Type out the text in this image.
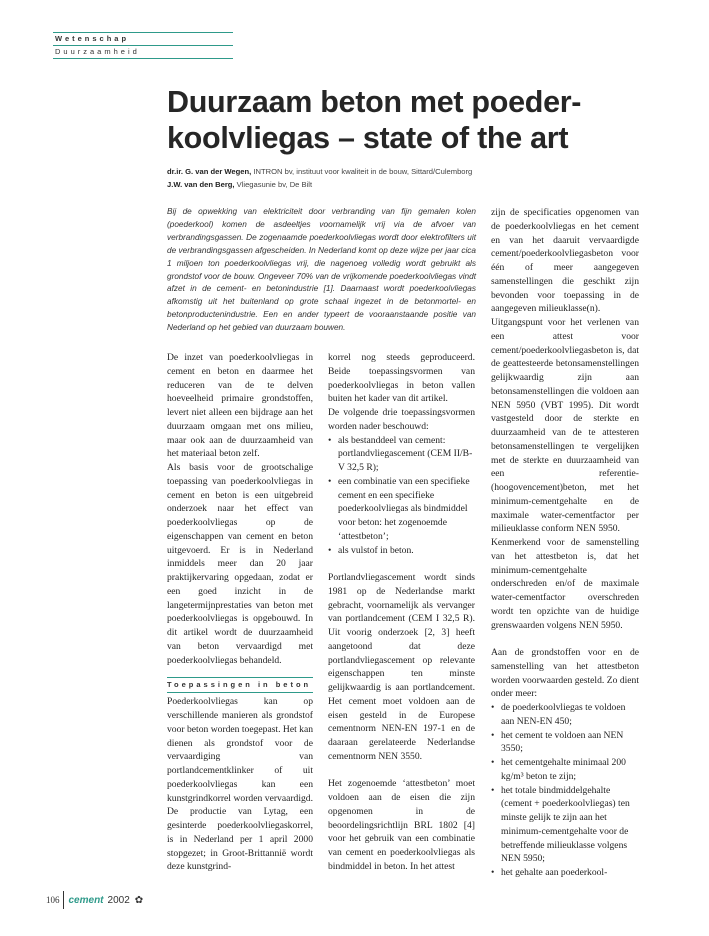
Wetenschap
Duurzaamheid
Duurzaam beton met poeder-
koolvliegas – state of the art
dr.ir. G. van der Wegen, INTRON bv, instituut voor kwaliteit in de bouw, Sittard/Culemborg
J.W. van den Berg, Vliegasunie bv, De Bilt

Bij de opwekking van elektriciteit door verbranding van fijn gemalen kolen (poederkool) komen de asdeeltjes voornamelijk vrij via de afvoer van verbrandingsgassen. De zogenaamde poederkoolvliegas wordt door elektrofilters uit de verbrandingsgassen afgescheiden. In Nederland komt op deze wijze per jaar cica 1 miljoen ton poederkoolvliegas vrij, die nagenoeg volledig wordt gebruikt als grondstof voor de bouw. Ongeveer 70% van de vrijkomende poederkoolvliegas vindt afzet in de cement- en betonindustrie [1]. Daarnaast wordt poederkoolvliegas afkomstig uit het buitenland op grote schaal ingezet in de betonmortel- en betonproductenindustrie. Een en ander typeert de vooraanstaande positie van Nederland op het gebied van duurzaam bouwen.

De inzet van poederkoolvliegas in cement en beton en daarmee het reduceren van de te delven hoeveelheid primaire grondstoffen, levert niet alleen een bijdrage aan het duurzaam omgaan met ons milieu, maar ook aan de duurzaamheid van het materiaal beton zelf.

Als basis voor de grootschalige toepassing van poederkoolvliegas in cement en beton is een uitgebreid onderzoek naar het effect van poederkoolvliegas op de eigenschappen van cement en beton uitgevoerd. Er is in Nederland inmiddels meer dan 20 jaar praktijkervaring opgedaan, zodat er een goed inzicht in de langetermijnprestaties van beton met poederkoolvliegas is opgebouwd. In dit artikel wordt de duurzaamheid van beton vervaardigd met poederkoolvliegas behandeld.

Toepassingen in beton

Poederkoolvliegas kan op verschillende manieren als grondstof voor beton worden toegepast. Het kan dienen als grondstof voor de vervaardiging van portlandcementklinker of uit poederkoolvliegas kan een kunstgrindkorrel worden vervaardigd. De productie van Lytag, een gesinterde poederkoolvliegaskorrel, is in Nederland per 1 april 2000 stopgezet; in Groot-Brittannië wordt deze kunstgrind-

korrel nog steeds geproduceerd. Beide toepassingsvormen van poederkoolvliegas in beton vallen buiten het kader van dit artikel.

De volgende drie toepassingsvormen worden nader beschouwd:

• als bestanddeel van cement: portlandvliegascement (CEM II/B-V 32,5 R);
• een combinatie van een specifieke cement en een specifieke poederkoolvliegas als bindmiddel voor beton: het zogenoemde ‘attestbeton’;
• als vulstof in beton.

Portlandvliegascement wordt sinds 1981 op de Nederlandse markt gebracht, voornamelijk als vervanger van portlandcement (CEM I 32,5 R). Uit voorig onderzoek [2, 3] heeft aangetoond dat deze portlandvliegascement op relevante eigenschappen ten minste gelijkwaardig is aan portlandcement. Het cement moet voldoen aan de eisen gesteld in de Europese cementnorm NEN-EN 197-1 en de daaraan gerelateerde Nederlandse cementnorm NEN 3550.

Het zogenoemde ‘attestbeton’ moet voldoen aan de eisen die zijn opgenomen in de beoordelingsrichtlijn BRL 1802 [4] voor het gebruik van een combinatie van cement en poederkoolvliegas als bindmiddel in beton. In het attest

zijn de specificaties opgenomen van de poederkoolvliegas en het cement en van het daaruit vervaardigde cement/poederkoolvliegasbeton voor één of meer aangegeven samenstellingen die geschikt zijn bevonden voor toepassing in de aangegeven milieuklasse(n).

Uitgangspunt voor het verlenen van een attest voor cement/poederkoolvliegasbeton is, dat de geattesteerde betonsamenstellingen gelijkwaardig zijn aan betonsamenstellingen die voldoen aan NEN 5950 (VBT 1995). Dit wordt vastgesteld door de sterkte en duurzaamheid van de te attesteren betonsamenstellingen te vergelijken met de sterkte en duurzaamheid van een referentie- (hoogovencement)beton, met het minimum-cementgehalte en de maximale water-cementfactor per milieuklasse conform NEN 5950.

Kenmerkend voor de samenstelling van het attestbeton is, dat het minimum-cementgehalte onderschreden en/of de maximale water-cementfactor overschreden wordt ten opzichte van de huidige grenswaarden volgens NEN 5950.

Aan de grondstoffen voor en de samenstelling van het attestbeton worden voorwaarden gesteld. Zo dient onder meer:

• de poederkoolvliegas te voldoen aan NEN-EN 450;
• het cement te voldoen aan NEN 3550;
• het cementgehalte minimaal 200 kg/m³ beton te zijn;
• het totale bindmiddelgehalte (cement + poederkoolvliegas) ten minste gelijk te zijn aan het minimum-cementgehalte voor de betreffende milieuklasse volgens NEN 5950;
• het gehalte aan poederkool-
106 cement 2002 ✿
